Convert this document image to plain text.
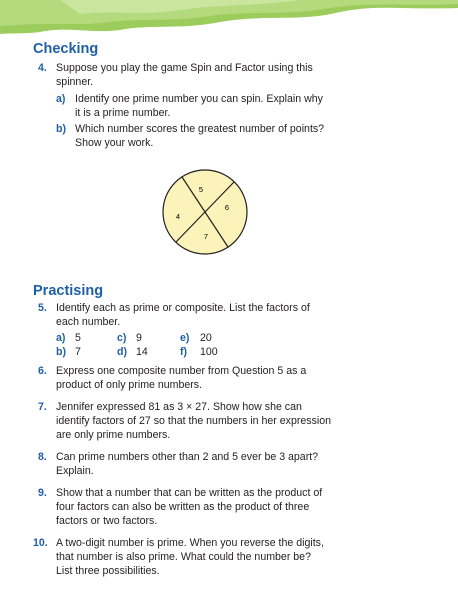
Checking
4. Suppose you play the game Spin and Factor using this
spinner.
a) Identify one prime number you can spin. Explain why
it is a prime number.
b) Which number scores the greatest number of points?
Show your work.
5
6
7
4
Practising
5. Identify each as prime or composite. List the factors of
each number.
a) 5
b) 7
c) 9
d) 14
e) 20
f) 100
6. Express one composite number from Question 5 as a
product of only prime numbers.
7. Jennifer expressed 81 as 3 × 27. Show how she can
identify factors of 27 so that the numbers in her expression
are only prime numbers.
8. Can prime numbers other than 2 and 5 ever be 3 apart?
Explain.
9. Show that a number that can be written as the product of
four factors can also be written as the product of three
factors or two factors.
10. A two-digit number is prime. When you reverse the digits,
that number is also prime. What could the number be?
List three possibilities.
